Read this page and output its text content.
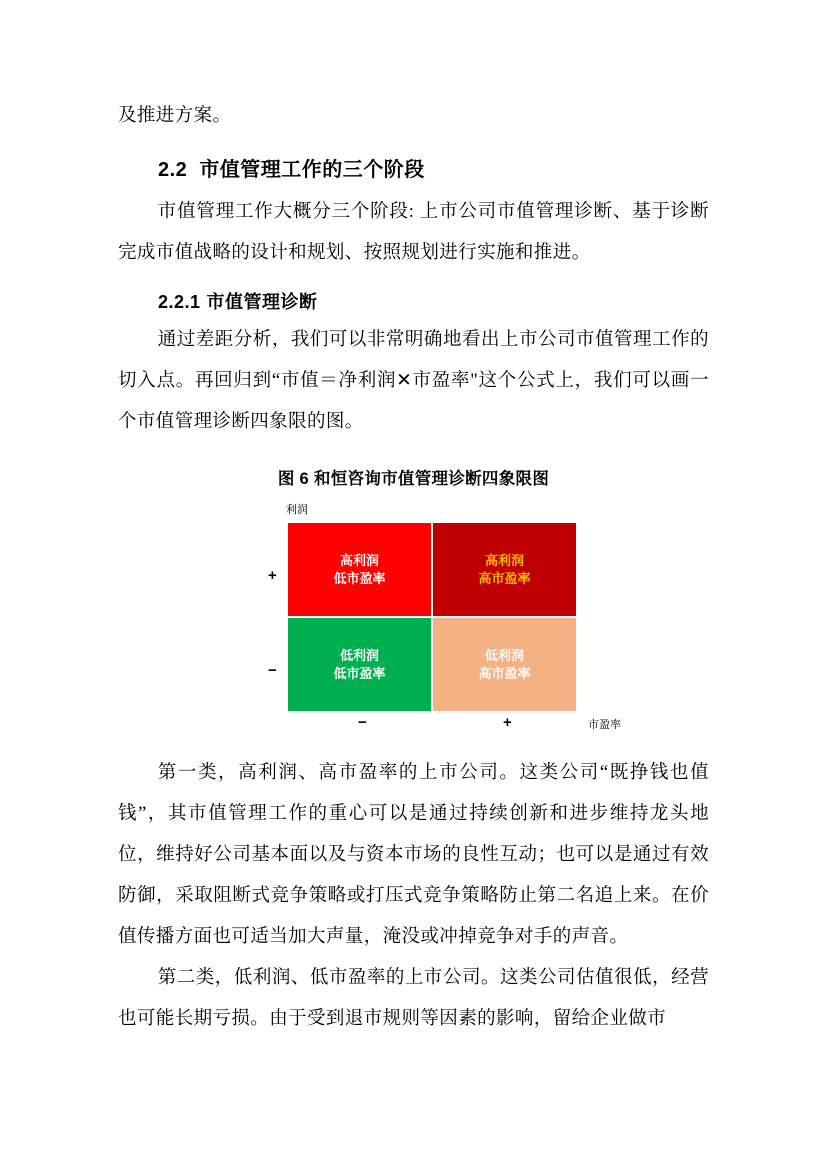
及推进方案。

2.2 市值管理工作的三个阶段

市值管理工作大概分三个阶段: 上市公司市值管理诊断、基于诊断完成市值战略的设计和规划、按照规划进行实施和推进。

2.2.1 市值管理诊断

通过差距分析，我们可以非常明确地看出上市公司市值管理工作的切入点。再回归到“市值＝净利润✕市盈率"这个公式上，我们可以画一个市值管理诊断四象限的图。

图 6 和恒咨询市值管理诊断四象限图
利润
市盈率
+
−
−	+
高利润
低市盈率
高利润
高市盈率
低利润
低市盈率
低利润
高市盈率

第一类，高利润、高市盈率的上市公司。这类公司“既挣钱也值钱”，其市值管理工作的重心可以是通过持续创新和进步维持龙头地位，维持好公司基本面以及与资本市场的良性互动；也可以是通过有效防御，采取阻断式竞争策略或打压式竞争策略防止第二名追上来。在价值传播方面也可适当加大声量，淹没或冲掉竞争对手的声音。

第二类，低利润、低市盈率的上市公司。这类公司估值很低，经营也可能长期亏损。由于受到退市规则等因素的影响，留给企业做市
